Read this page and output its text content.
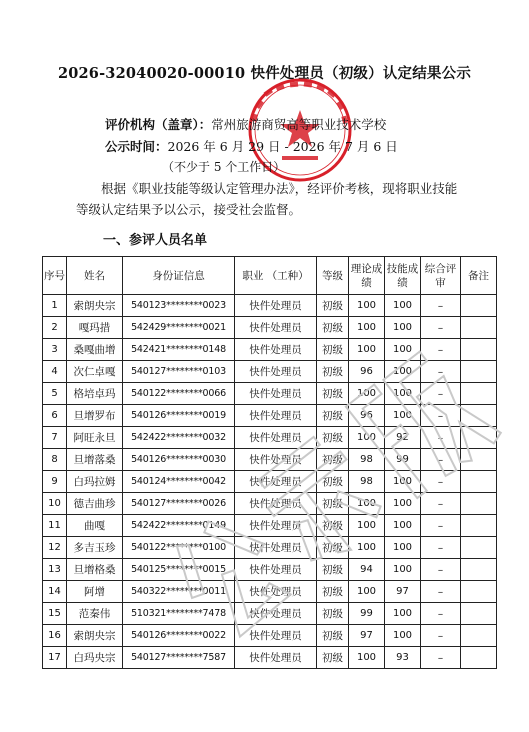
2026-32040020-00010 快件处理员（初级）认定结果公示
评价机构（盖章）：常州旅游商贸高等职业技术学校
公示时间：2026 年 6 月 29 日 - 2026 年 7 月 6 日
（不少于 5 个工作日）
根据《职业技能等级认定管理办法》，经评价考核，现将职业技能等级认定结果予以公示，接受社会监督。
一、参评人员名单
序号	姓名	身份证信息	职业 （工种）	等级	理论成绩	技能成绩	综合评审	备注
1	索朗央宗	540123********0023	快件处理员	初级	100	100	–	
2	嘎玛措	542429********0021	快件处理员	初级	100	100	–	
3	桑嘎曲增	542421********0148	快件处理员	初级	100	100	–	
4	次仁卓嘎	540127********0103	快件处理员	初级	96	100	–	
5	格培卓玛	540122********0066	快件处理员	初级	100	100	–	
6	旦增罗布	540126********0019	快件处理员	初级	96	100	–	
7	阿旺永旦	542422********0032	快件处理员	初级	100	92	–	
8	旦增落桑	540126********0030	快件处理员	初级	98	99	–	
9	白玛拉姆	540124********0042	快件处理员	初级	98	100	–	
10	德吉曲珍	540127********0026	快件处理员	初级	100	100	–	
11	曲嘎	542422********0149	快件处理员	初级	100	100	–	
12	多吉玉珍	540122********0100	快件处理员	初级	100	100	–	
13	旦增格桑	540125********0015	快件处理员	初级	94	100	–	
14	阿增	540322********0011	快件处理员	初级	100	97	–	
15	范秦伟	510321********7478	快件处理员	初级	99	100	–	
16	索朗央宗	540126********0022	快件处理员	初级	97	100	–	
17	白玛央宗	540127********7587	快件处理员	初级	100	93	–	
